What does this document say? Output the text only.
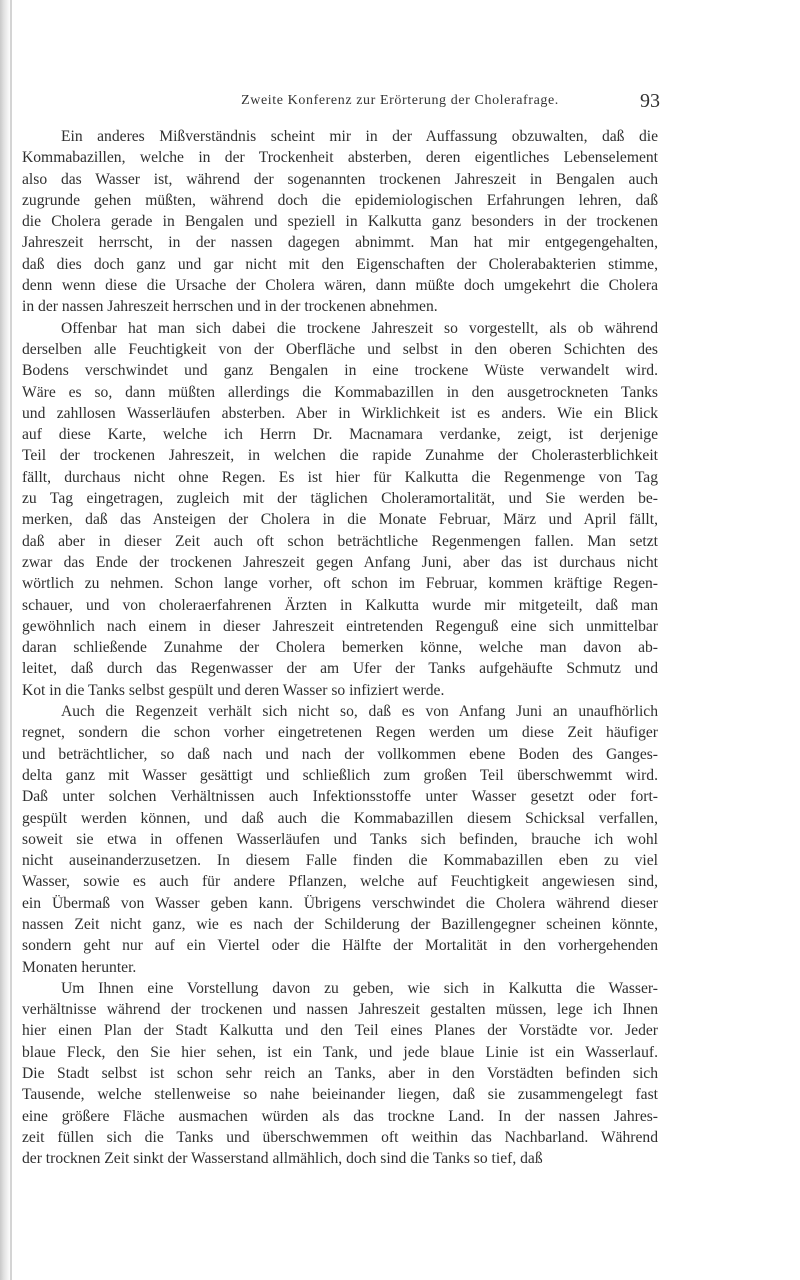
Zweite Konferenz zur Erörterung der Cholerafrage.	93

Ein anderes Mißverständnis scheint mir in der Auffassung obzuwalten, daß die
Kommabazillen, welche in der Trockenheit absterben, deren eigentliches Lebenselement
also das Wasser ist, während der sogenannten trockenen Jahreszeit in Bengalen auch
zugrunde gehen müßten, während doch die epidemiologischen Erfahrungen lehren, daß
die Cholera gerade in Bengalen und speziell in Kalkutta ganz besonders in der trockenen
Jahreszeit herrscht, in der nassen dagegen abnimmt. Man hat mir entgegengehalten,
daß dies doch ganz und gar nicht mit den Eigenschaften der Cholerabakterien stimme,
denn wenn diese die Ursache der Cholera wären, dann müßte doch umgekehrt die Cholera
in der nassen Jahreszeit herrschen und in der trockenen abnehmen.

Offenbar hat man sich dabei die trockene Jahreszeit so vorgestellt, als ob während
derselben alle Feuchtigkeit von der Oberfläche und selbst in den oberen Schichten des
Bodens verschwindet und ganz Bengalen in eine trockene Wüste verwandelt wird.
Wäre es so, dann müßten allerdings die Kommabazillen in den ausgetrockneten Tanks
und zahllosen Wasserläufen absterben. Aber in Wirklichkeit ist es anders. Wie ein Blick
auf diese Karte, welche ich Herrn Dr. Macnamara verdanke, zeigt, ist derjenige
Teil der trockenen Jahreszeit, in welchen die rapide Zunahme der Cholerasterblichkeit
fällt, durchaus nicht ohne Regen. Es ist hier für Kalkutta die Regenmenge von Tag
zu Tag eingetragen, zugleich mit der täglichen Choleramortalität, und Sie werden be-
merken, daß das Ansteigen der Cholera in die Monate Februar, März und April fällt,
daß aber in dieser Zeit auch oft schon beträchtliche Regenmengen fallen. Man setzt
zwar das Ende der trockenen Jahreszeit gegen Anfang Juni, aber das ist durchaus nicht
wörtlich zu nehmen. Schon lange vorher, oft schon im Februar, kommen kräftige Regen-
schauer, und von choleraerfahrenen Ärzten in Kalkutta wurde mir mitgeteilt, daß man
gewöhnlich nach einem in dieser Jahreszeit eintretenden Regenguß eine sich unmittelbar
daran schließende Zunahme der Cholera bemerken könne, welche man davon ab-
leitet, daß durch das Regenwasser der am Ufer der Tanks aufgehäufte Schmutz und
Kot in die Tanks selbst gespült und deren Wasser so infiziert werde.

Auch die Regenzeit verhält sich nicht so, daß es von Anfang Juni an unaufhörlich
regnet, sondern die schon vorher eingetretenen Regen werden um diese Zeit häufiger
und beträchtlicher, so daß nach und nach der vollkommen ebene Boden des Ganges-
delta ganz mit Wasser gesättigt und schließlich zum großen Teil überschwemmt wird.
Daß unter solchen Verhältnissen auch Infektionsstoffe unter Wasser gesetzt oder fort-
gespült werden können, und daß auch die Kommabazillen diesem Schicksal verfallen,
soweit sie etwa in offenen Wasserläufen und Tanks sich befinden, brauche ich wohl
nicht auseinanderzusetzen. In diesem Falle finden die Kommabazillen eben zu viel
Wasser, sowie es auch für andere Pflanzen, welche auf Feuchtigkeit angewiesen sind,
ein Übermaß von Wasser geben kann. Übrigens verschwindet die Cholera während dieser
nassen Zeit nicht ganz, wie es nach der Schilderung der Bazillengegner scheinen könnte,
sondern geht nur auf ein Viertel oder die Hälfte der Mortalität in den vorhergehenden
Monaten herunter.

Um Ihnen eine Vorstellung davon zu geben, wie sich in Kalkutta die Wasser-
verhältnisse während der trockenen und nassen Jahreszeit gestalten müssen, lege ich Ihnen
hier einen Plan der Stadt Kalkutta und den Teil eines Planes der Vorstädte vor. Jeder
blaue Fleck, den Sie hier sehen, ist ein Tank, und jede blaue Linie ist ein Wasserlauf.
Die Stadt selbst ist schon sehr reich an Tanks, aber in den Vorstädten befinden sich
Tausende, welche stellenweise so nahe beieinander liegen, daß sie zusammengelegt fast
eine größere Fläche ausmachen würden als das trockne Land. In der nassen Jahres-
zeit füllen sich die Tanks und überschwemmen oft weithin das Nachbarland. Während
der trocknen Zeit sinkt der Wasserstand allmählich, doch sind die Tanks so tief, daß
